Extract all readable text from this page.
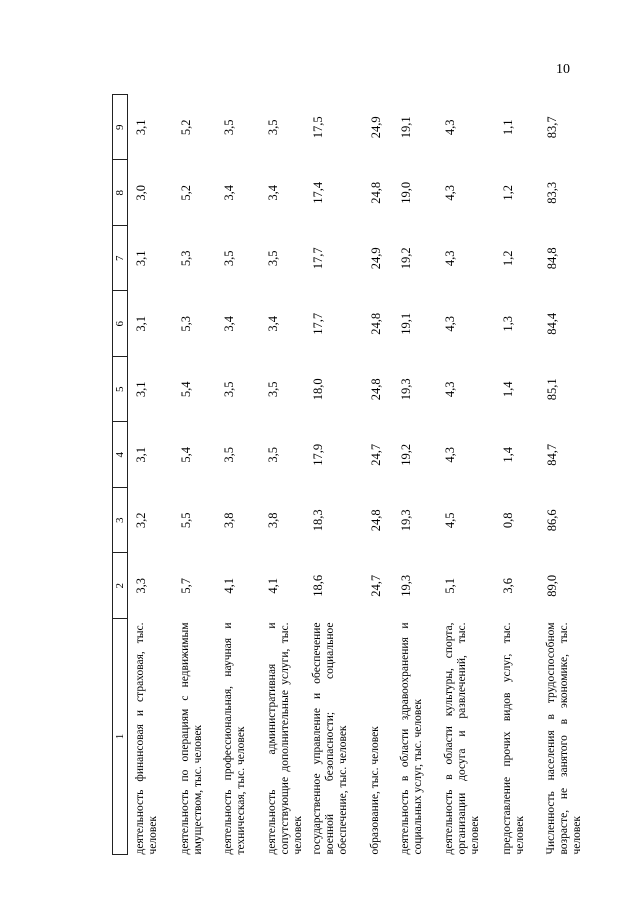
10
1	2	3	4	5	6	7	8	9
деятельность финансовая и страховая, тыс. человек	3,3	3,2	3,1	3,1	3,1	3,1	3,0	3,1
деятельность по операциям с недвижимым имуществом, тыс. человек	5,7	5,5	5,4	5,4	5,3	5,3	5,2	5,2
деятельность профессиональная, научная и техническая, тыс. человек	4,1	3,8	3,5	3,5	3,4	3,5	3,4	3,5
деятельность административная и сопутствующие дополнительные услуги, тыс. человек	4,1	3,8	3,5	3,5	3,4	3,5	3,4	3,5
государственное управление и обеспечение военной безопасности; социальное обеспечение, тыс. человек	18,6	18,3	17,9	18,0	17,7	17,7	17,4	17,5
образование, тыс. человек	24,7	24,8	24,7	24,8	24,8	24,9	24,8	24,9
деятельность в области здравоохранения и социальных услуг, тыс. человек	19,3	19,3	19,2	19,3	19,1	19,2	19,0	19,1
деятельность в области культуры, спорта, организации досуга и развлечений, тыс. человек	5,1	4,5	4,3	4,3	4,3	4,3	4,3	4,3
предоставление прочих видов услуг, тыс. человек	3,6	0,8	1,4	1,4	1,3	1,2	1,2	1,1
Численность населения в трудоспособном возрасте, не занятого в экономике, тыс. человек	89,0	86,6	84,7	85,1	84,4	84,8	83,3	83,7
